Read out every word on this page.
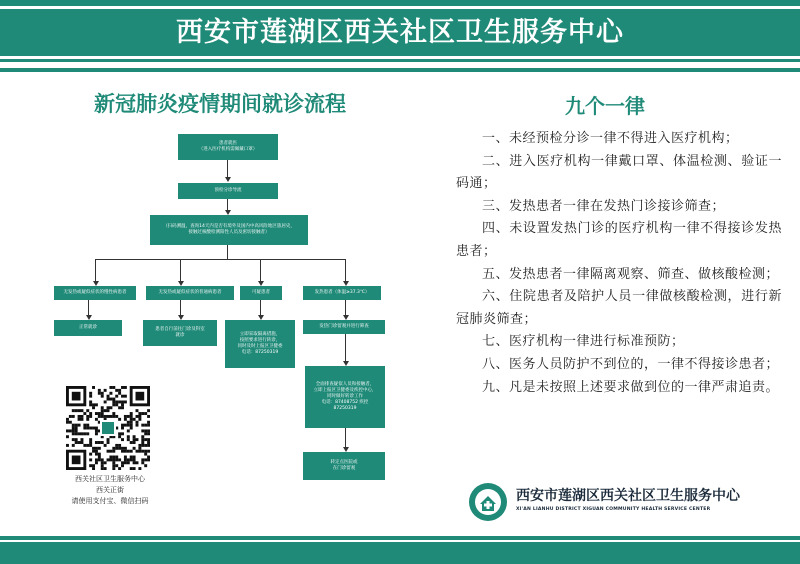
西安市莲湖区西关社区卫生服务中心
新冠肺炎疫情期间就诊流程	九个一律
患者就医
（进入医疗机构需佩戴口罩）
预检分诊导流
（扫码测温，查询14天内是否有境外及国内中高风险地区旅居史，
接触过核酸检测阳性人员及密切接触者）
无发热或疑似症状的慢性病患者	无发热或疑似症状的普通病患者	可疑患者	发热患者（体温≥37.3℃）
正常就诊	患者自行前往门诊及科室
就诊	立即采取隔离措施，
按照要求进行转诊，
同时及时上报区卫健委
电话：87250319
发热门诊留观并进行筛查
全面排查疑似人员和接触者，
立即上报区卫健委及疾控中心，
同时做好转诊工作
电话：87408752 疾控
87250319
转定点医院或
在门诊留观
西关社区卫生服务中心
西关正街
请使用支付宝、微信扫码

一、未经预检分诊一律不得进入医疗机构；

二、进入医疗机构一律戴口罩、体温检测、验证一码通；

三、发热患者一律在发热门诊接诊筛查；

四、未设置发热门诊的医疗机构一律不得接诊发热患者；

五、发热患者一律隔离观察、筛查、做核酸检测；

六、住院患者及陪护人员一律做核酸检测，进行新冠肺炎筛查；

七、医疗机构一律进行标准预防；

八、医务人员防护不到位的，一律不得接诊患者；

九、凡是未按照上述要求做到位的一律严肃追责。

西安市莲湖区西关社区卫生服务中心
XI'AN LIANHU DISTRICT XIGUAN COMMUNITY HEALTH SERVICE CENTER
